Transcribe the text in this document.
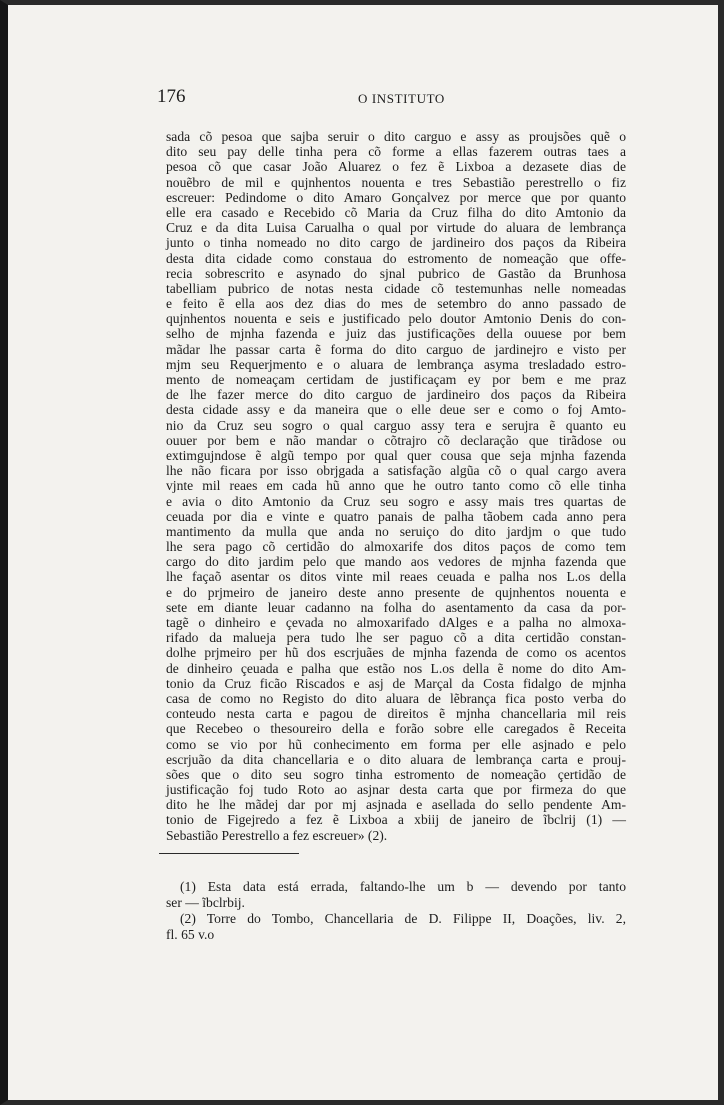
176	O INSTITUTO

sada cõ pesoa que sajba seruir o dito carguo e assy as proujsões quẽ o
dito seu pay delle tinha pera cõ forme a ellas fazerem outras taes a
pesoa cõ que casar João Aluarez o fez ẽ Lixboa a dezasete dias de
nouẽbro de mil e qujnhentos nouenta e tres Sebastião perestrello o fiz
escreuer: Pedindome o dito Amaro Gonçalvez por merce que por quanto
elle era casado e Recebido cõ Maria da Cruz filha do dito Amtonio da
Cruz e da dita Luisa Carualha o qual por virtude do aluara de lembrança
junto o tinha nomeado no dito cargo de jardineiro dos paços da Ribeira
desta dita cidade como constaua do estromento de nomeação que offe-
recia sobrescrito e asynado do sjnal pubrico de Gastão da Brunhosa
tabelliam pubrico de notas nesta cidade cõ testemunhas nelle nomeadas
e feito ẽ ella aos dez dias do mes de setembro do anno passado de
qujnhentos nouenta e seis e justificado pelo doutor Amtonio Denis do con-
selho de mjnha fazenda e juiz das justificações della ouuese por bem
mãdar lhe passar carta ẽ forma do dito carguo de jardinejro e visto per
mjm seu Requerjmento e o aluara de lembrança asyma tresladado estro-
mento de nomeaçam certidam de justificaçam ey por bem e me praz
de lhe fazer merce do dito carguo de jardineiro dos paços da Ribeira
desta cidade assy e da maneira que o elle deue ser e como o foj Amto-
nio da Cruz seu sogro o qual carguo assy tera e serujra ẽ quanto eu
ouuer por bem e não mandar o cõtrajro cõ declaração que tirãdose ou
extimgujndose ẽ algũ tempo por qual quer cousa que seja mjnha fazenda
lhe não ficara por isso obrjgada a satisfação algũa cõ o qual cargo avera
vjnte mil reaes em cada hũ anno que he outro tanto como cõ elle tinha
e avia o dito Amtonio da Cruz seu sogro e assy mais tres quartas de
ceuada por dia e vinte e quatro panais de palha tãobem cada anno pera
mantimento da mulla que anda no seruiço do dito jardjm o que tudo
lhe sera pago cõ certidão do almoxarife dos ditos paços de como tem
cargo do dito jardim pelo que mando aos vedores de mjnha fazenda que
lhe façaõ asentar os ditos vinte mil reaes ceuada e palha nos L.os della
e do prjmeiro de janeiro deste anno presente de qujnhentos nouenta e
sete em diante leuar cadanno na folha do asentamento da casa da por-
tagẽ o dinheiro e çevada no almoxarifado dAlges e a palha no almoxa-
rifado da malueja pera tudo lhe ser paguo cõ a dita certidão constan-
dolhe prjmeiro per hũ dos escrjuães de mjnha fazenda de como os acentos
de dinheiro çeuada e palha que estão nos L.os della ẽ nome do dito Am-
tonio da Cruz ficão Riscados e asj de Marçal da Costa fidalgo de mjnha
casa de como no Registo do dito aluara de lẽbrança fica posto verba do
conteudo nesta carta e pagou de direitos ẽ mjnha chancellaria mil reis
que Recebeo o thesoureiro della e forão sobre elle caregados ẽ Receita
como se vio por hũ conhecimento em forma per elle asjnado e pelo
escrjuão da dita chancellaria e o dito aluara de lembrança carta e prouj-
sões que o dito seu sogro tinha estromento de nomeação çertidão de
justificação foj tudo Roto ao asjnar desta carta que por firmeza do que
dito he lhe mãdej dar por mj asjnada e asellada do sello pendente Am-
tonio de Figejredo a fez ẽ Lixboa a xbiij de janeiro de ĩbclrij (1) —
Sebastião Perestrello a fez escreuer» (2).
(1) Esta data está errada, faltando-lhe um b — devendo por tanto
ser — ĩbclrbij.
(2) Torre do Tombo, Chancellaria de D. Filippe II, Doações, liv. 2,
fl. 65 v.o
